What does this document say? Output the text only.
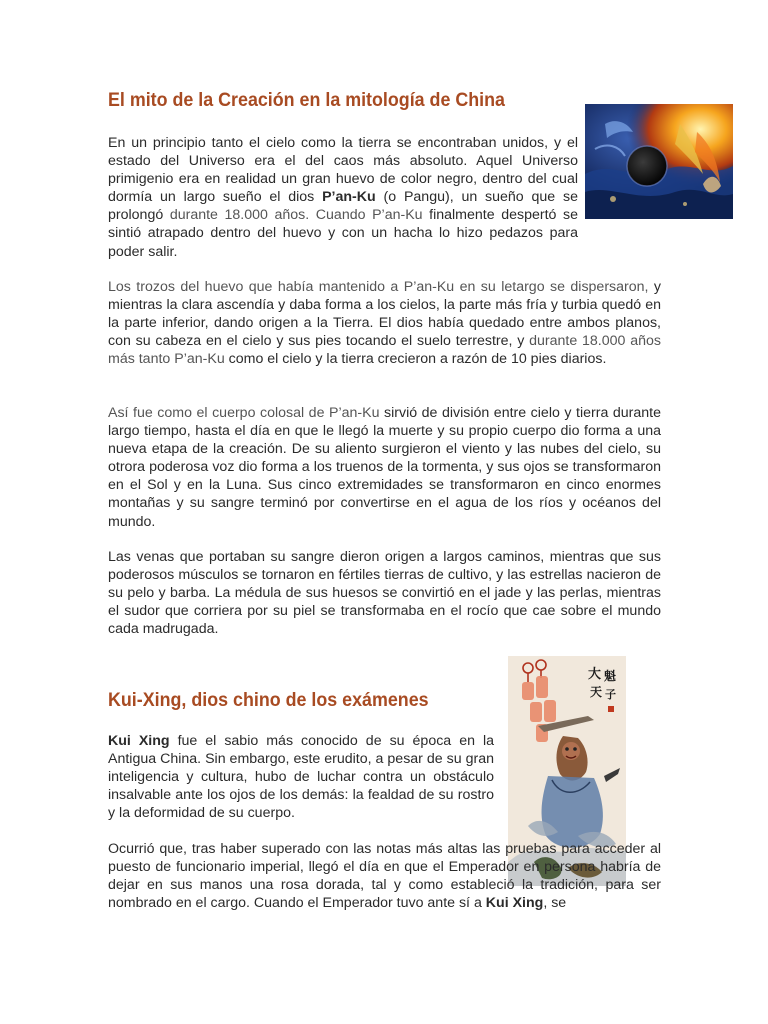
El mito de la Creación en la mitología de China

En un principio tanto el cielo como la tierra se encontraban unidos, y el estado del Universo era el del caos más absoluto. Aquel Universo primigenio era en realidad un gran huevo de color negro, dentro del cual dormía un largo sueño el dios P’an-Ku (o Pangu), un sueño que se prolongó durante 18.000 años. Cuando P’an-Ku finalmente despertó se sintió atrapado dentro del huevo y con un hacha lo hizo pedazos para poder salir.

Los trozos del huevo que había mantenido a P’an-Ku en su letargo se dispersaron, y mientras la clara ascendía y daba forma a los cielos, la parte más fría y turbia quedó en la parte inferior, dando origen a la Tierra. El dios había quedado entre ambos planos, con su cabeza en el cielo y sus pies tocando el suelo terrestre, y durante 18.000 años más tanto P’an-Ku como el cielo y la tierra crecieron a razón de 10 pies diarios.

Así fue como el cuerpo colosal de P’an-Ku sirvió de división entre cielo y tierra durante largo tiempo, hasta el día en que le llegó la muerte y su propio cuerpo dio forma a una nueva etapa de la creación. De su aliento surgieron el viento y las nubes del cielo, su otrora poderosa voz dio forma a los truenos de la tormenta, y sus ojos se transformaron en el Sol y en la Luna. Sus cinco extremidades se transformaron en cinco enormes montañas y su sangre terminó por convertirse en el agua de los ríos y océanos del mundo.

Las venas que portaban su sangre dieron origen a largos caminos, mientras que sus poderosos músculos se tornaron en fértiles tierras de cultivo, y las estrellas nacieron de su pelo y barba. La médula de sus huesos se convirtió en el jade y las perlas, mientras el sudor que corriera por su piel se transformaba en el rocío que cae sobre el mundo cada madrugada.

大 魁
天 子
Kui-Xing, dios chino de los exámenes

Kui Xing fue el sabio más conocido de su época en la Antigua China. Sin embargo, este erudito, a pesar de su gran inteligencia y cultura, hubo de luchar contra un obstáculo insalvable ante los ojos de los demás: la fealdad de su rostro y la deformidad de su cuerpo.

Ocurrió que, tras haber superado con las notas más altas las pruebas para acceder al puesto de funcionario imperial, llegó el día en que el Emperador en persona habría de dejar en sus manos una rosa dorada, tal y como estableció la tradición, para ser nombrado en el cargo. Cuando el Emperador tuvo ante sí a Kui Xing, se
